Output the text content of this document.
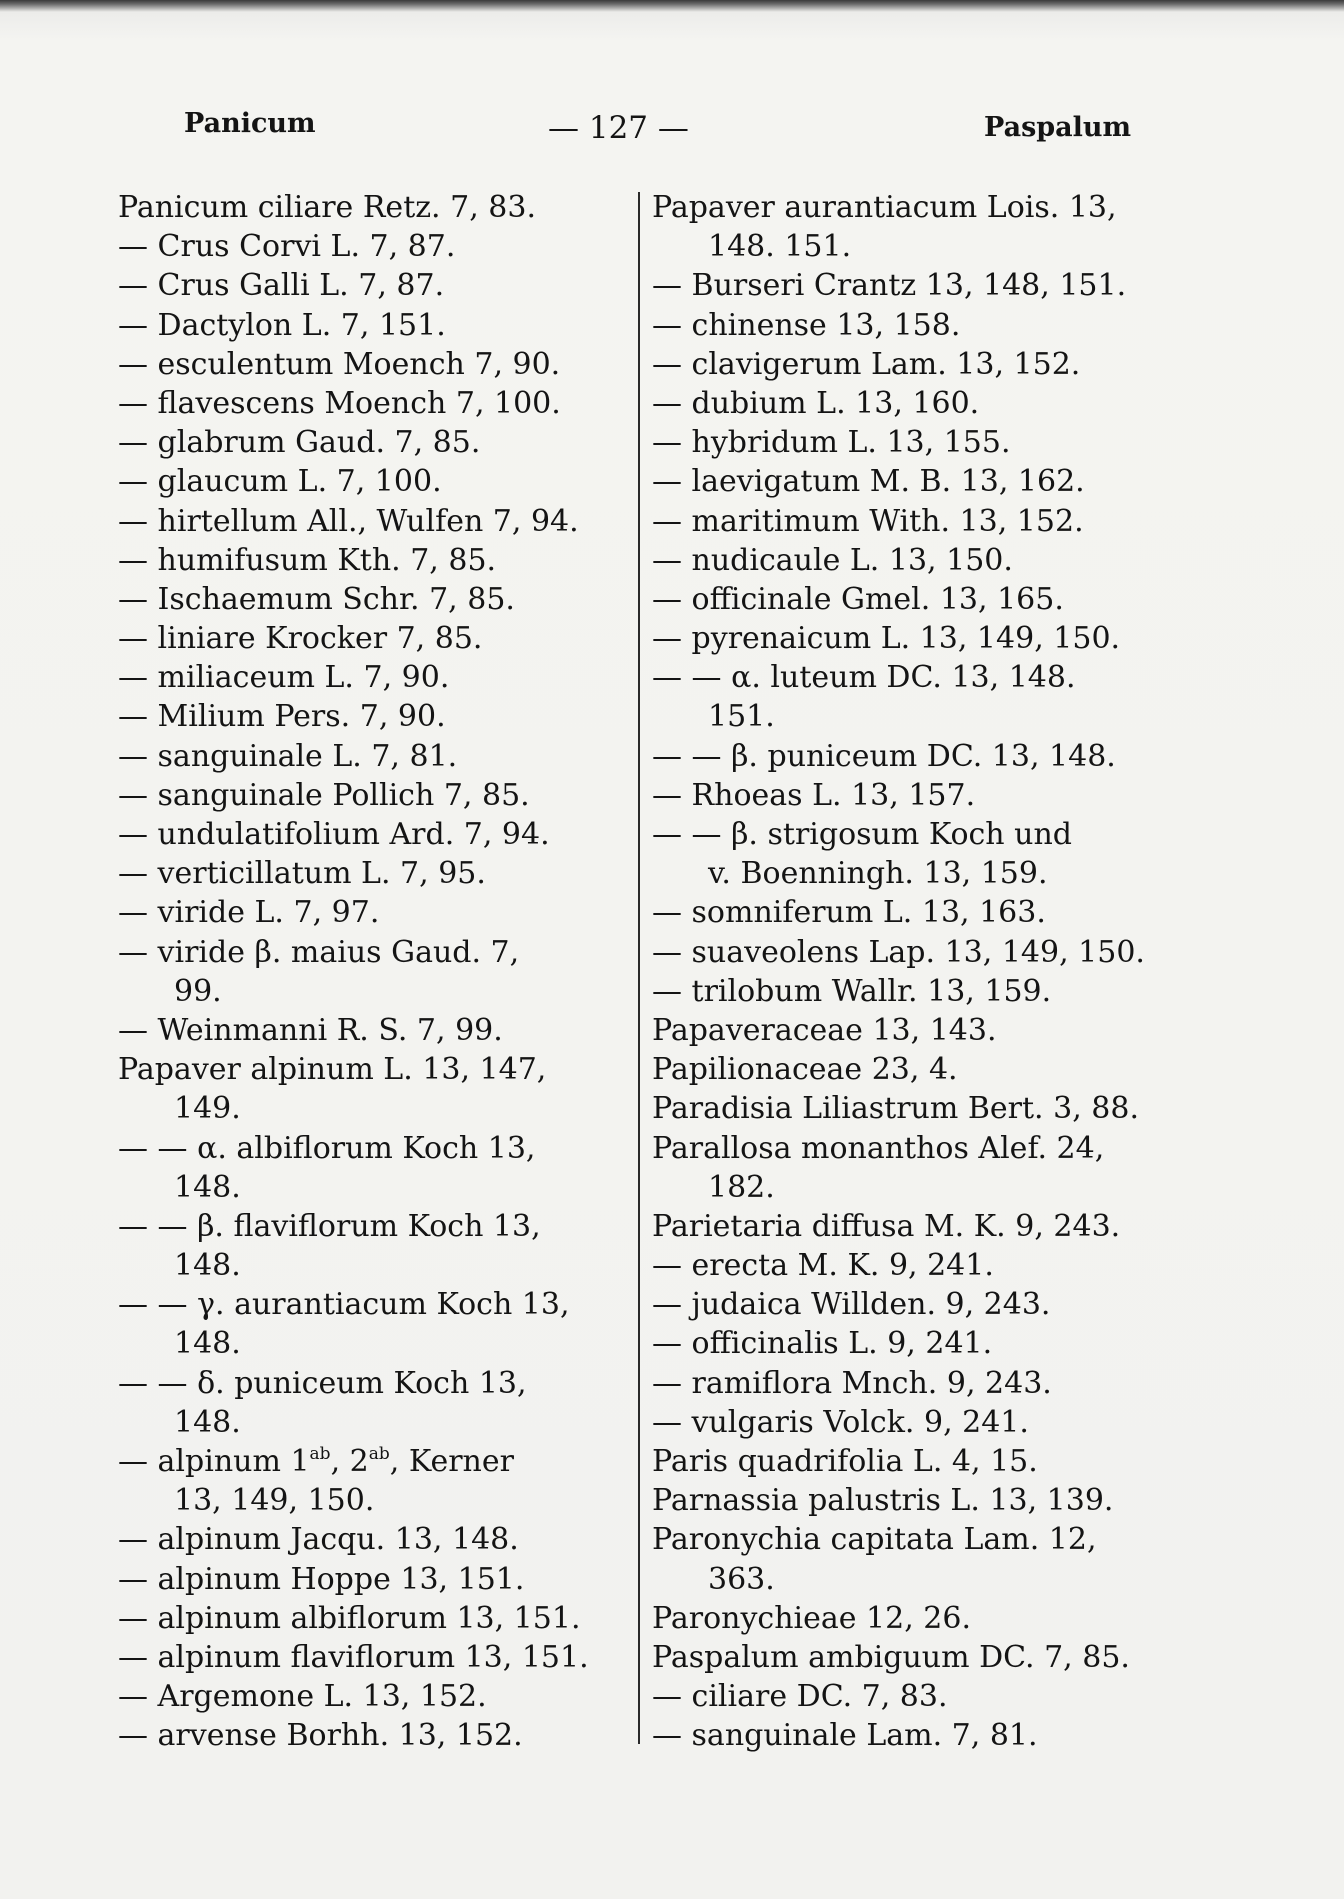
Panicum	— 127 —	Paspalum
Panicum ciliare Retz. 7, 83.
— Crus Corvi L. 7, 87.
— Crus Galli L. 7, 87.
— Dactylon L. 7, 151.
— esculentum Moench 7, 90.
— flavescens Moench 7, 100.
— glabrum Gaud. 7, 85.
— glaucum L. 7, 100.
— hirtellum All., Wulfen 7, 94.
— humifusum Kth. 7, 85.
— Ischaemum Schr. 7, 85.
— liniare Krocker 7, 85.
— miliaceum L. 7, 90.
— Milium Pers. 7, 90.
— sanguinale L. 7, 81.
— sanguinale Pollich 7, 85.
— undulatifolium Ard. 7, 94.
— verticillatum L. 7, 95.
— viride L. 7, 97.
— viride β. maius Gaud. 7,
99.
— Weinmanni R. S. 7, 99.
Papaver alpinum L. 13, 147,
149.
— — α. albiflorum Koch 13,
148.
— — β. flaviflorum Koch 13,
148.
— — γ. aurantiacum Koch 13,
148.
— — δ. puniceum Koch 13,
148.
— alpinum $1^{ab}$, $2^{ab}$, Kerner
13, 149, 150.
— alpinum Jacqu. 13, 148.
— alpinum Hoppe 13, 151.
— alpinum albiflorum 13, 151.
— alpinum flaviflorum 13, 151.
— Argemone L. 13, 152.
— arvense Borhh. 13, 152.
Papaver aurantiacum Lois. 13,
148. 151.
— Burseri Crantz 13, 148, 151.
— chinense 13, 158.
— clavigerum Lam. 13, 152.
— dubium L. 13, 160.
— hybridum L. 13, 155.
— laevigatum M. B. 13, 162.
— maritimum With. 13, 152.
— nudicaule L. 13, 150.
— officinale Gmel. 13, 165.
— pyrenaicum L. 13, 149, 150.
— — α. luteum DC. 13, 148.
151.
— — β. puniceum DC. 13, 148.
— Rhoeas L. 13, 157.
— — β. strigosum Koch und
v. Boenningh. 13, 159.
— somniferum L. 13, 163.
— suaveolens Lap. 13, 149, 150.
— trilobum Wallr. 13, 159.
Papaveraceae 13, 143.
Papilionaceae 23, 4.
Paradisia Liliastrum Bert. 3, 88.
Parallosa monanthos Alef. 24,
182.
Parietaria diffusa M. K. 9, 243.
— erecta M. K. 9, 241.
— judaica Willden. 9, 243.
— officinalis L. 9, 241.
— ramiflora Mnch. 9, 243.
— vulgaris Volck. 9, 241.
Paris quadrifolia L. 4, 15.
Parnassia palustris L. 13, 139.
Paronychia capitata Lam. 12,
363.
Paronychieae 12, 26.
Paspalum ambiguum DC. 7, 85.
— ciliare DC. 7, 83.
— sanguinale Lam. 7, 81.
